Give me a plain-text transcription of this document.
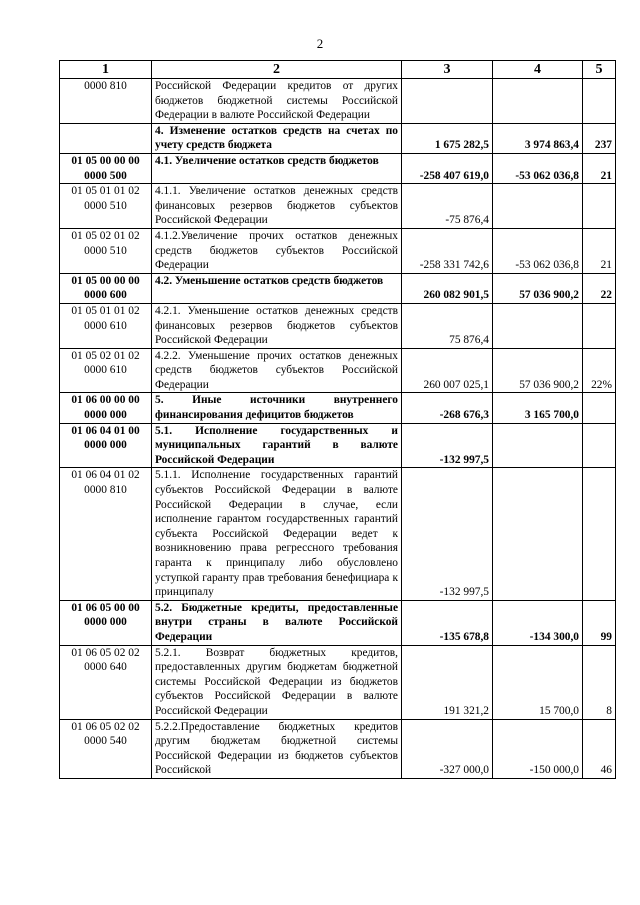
2
1	2	3	4	5
0000 810	Российской Федерации кредитов от других бюджетов бюджетной системы Российской Федерации в валюте Российской Федерации			
	4. Изменение остатков средств на счетах по учету средств бюджета	1 675 282,5	3 974 863,4	237
01 05 00 00 00 0000 500	4.1. Увеличение остатков средств бюджетов	-258 407 619,0	-53 062 036,8	21
01 05 01 01 02 0000 510	4.1.1. Увеличение остатков денежных средств финансовых резервов бюджетов субъектов Российской Федерации	-75 876,4		
01 05 02 01 02 0000 510	4.1.2.Увеличение прочих остатков денежных средств бюджетов субъектов Российской Федерации	-258 331 742,6	-53 062 036,8	21
01 05 00 00 00 0000 600	4.2. Уменьшение остатков средств бюджетов	260 082 901,5	57 036 900,2	22
01 05 01 01 02 0000 610	4.2.1. Уменьшение остатков денежных средств финансовых резервов бюджетов субъектов Российской Федерации	75 876,4		
01 05 02 01 02 0000 610	4.2.2. Уменьшение прочих остатков денежных средств бюджетов субъектов Российской Федерации	260 007 025,1	57 036 900,2	22%
01 06 00 00 00 0000 000	5. Иные источники внутреннего финансирования дефицитов бюджетов	-268 676,3	3 165 700,0	
01 06 04 01 00 0000 000	5.1. Исполнение государственных и муниципальных гарантий в валюте Российской Федерации	-132 997,5		
01 06 04 01 02 0000 810	5.1.1. Исполнение государственных гарантий субъектов Российской Федерации в валюте Российской Федерации в случае, если исполнение гарантом государственных гарантий субъекта Российской Федерации ведет к возникновению права регрессного требования гаранта к принципалу либо обусловлено уступкой гаранту прав требования бенефициара к принципалу	-132 997,5		
01 06 05 00 00 0000 000	5.2. Бюджетные кредиты, предоставленные внутри страны в валюте Российской Федерации	-135 678,8	-134 300,0	99
01 06 05 02 02 0000 640	5.2.1. Возврат бюджетных кредитов, предоставленных другим бюджетам бюджетной системы Российской Федерации из бюджетов субъектов Российской Федерации в валюте Российской Федерации	191 321,2	15 700,0	8
01 06 05 02 02 0000 540	5.2.2.Предоставление бюджетных кредитов другим бюджетам бюджетной системы Российской Федерации из бюджетов субъектов Российской	-327 000,0	-150 000,0	46
